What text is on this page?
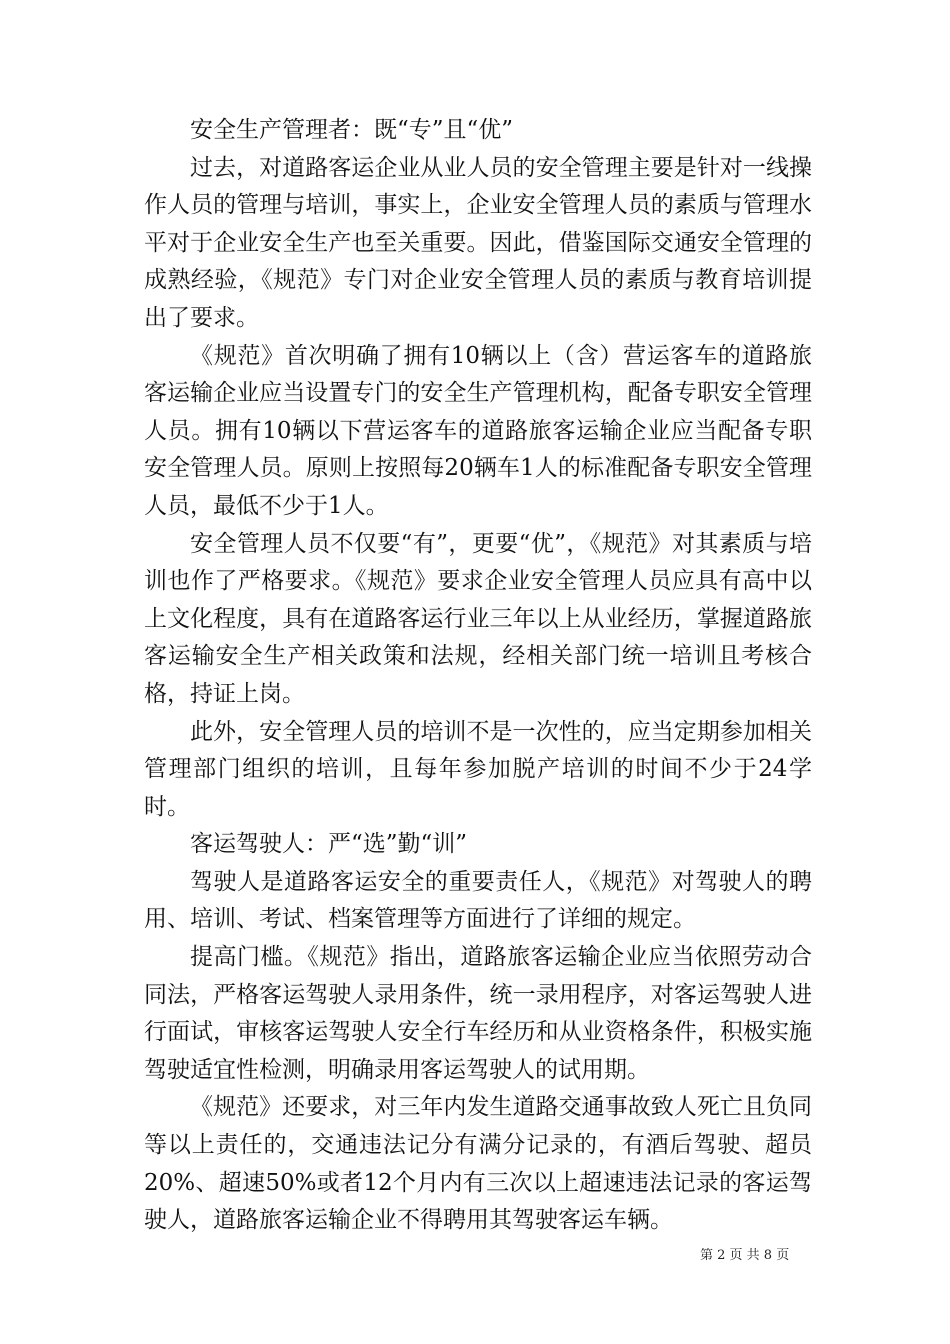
安全生产管理者：既“专”且“优”

过去，对道路客运企业从业人员的安全管理主要是针对一线操作人员的管理与培训，事实上，企业安全管理人员的素质与管理水平对于企业安全生产也至关重要。因此，借鉴国际交通安全管理的成熟经验，《规范》专门对企业安全管理人员的素质与教育培训提出了要求。

《规范》首次明确了拥有10辆以上（含）营运客车的道路旅客运输企业应当设置专门的安全生产管理机构，配备专职安全管理人员。拥有10辆以下营运客车的道路旅客运输企业应当配备专职安全管理人员。原则上按照每20辆车1人的标准配备专职安全管理人员，最低不少于1人。

安全管理人员不仅要“有”，更要“优”，《规范》对其素质与培训也作了严格要求。《规范》要求企业安全管理人员应具有高中以上文化程度，具有在道路客运行业三年以上从业经历，掌握道路旅客运输安全生产相关政策和法规，经相关部门统一培训且考核合格，持证上岗。

此外，安全管理人员的培训不是一次性的，应当定期参加相关管理部门组织的培训，且每年参加脱产培训的时间不少于24学时。

客运驾驶人：严“选”勤“训”

驾驶人是道路客运安全的重要责任人，《规范》对驾驶人的聘用、培训、考试、档案管理等方面进行了详细的规定。

提高门槛。《规范》指出，道路旅客运输企业应当依照劳动合同法，严格客运驾驶人录用条件，统一录用程序，对客运驾驶人进行面试，审核客运驾驶人安全行车经历和从业资格条件，积极实施驾驶适宜性检测，明确录用客运驾驶人的试用期。

《规范》还要求，对三年内发生道路交通事故致人死亡且负同等以上责任的，交通违法记分有满分记录的，有酒后驾驶、超员20%、超速50%或者12个月内有三次以上超速违法记录的客运驾驶人，道路旅客运输企业不得聘用其驾驶客运车辆。

第 2 页 共 8 页
